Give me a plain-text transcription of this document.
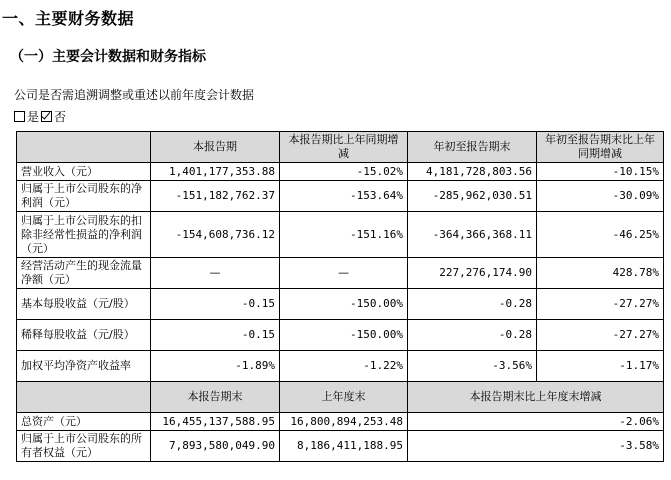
一、主要财务数据
（一）主要会计数据和财务指标
公司是否需追溯调整或重述以前年度会计数据
是 否
	本报告期	本报告期比上年同期增减	年初至报告期末	年初至报告期末比上年同期增减
营业收入（元）	1,401,177,353.88	-15.02%	4,181,728,803.56	-10.15%
归属于上市公司股东的净利润（元）	-151,182,762.37	-153.64%	-285,962,030.51	-30.09%
归属于上市公司股东的扣除非经常性损益的净利润（元）	-154,608,736.12	-151.16%	-364,366,368.11	-46.25%
经营活动产生的现金流量净额（元）	—	—	227,276,174.90	428.78%
基本每股收益（元/股）	-0.15	-150.00%	-0.28	-27.27%
稀释每股收益（元/股）	-0.15	-150.00%	-0.28	-27.27%
加权平均净资产收益率	-1.89%	-1.22%	-3.56%	-1.17%
	本报告期末	上年度末	本报告期末比上年度末增减	
总资产（元）	16,455,137,588.95	16,800,894,253.48	-2.06%	
归属于上市公司股东的所有者权益（元）	7,893,580,049.90	8,186,411,188.95	-3.58%	
